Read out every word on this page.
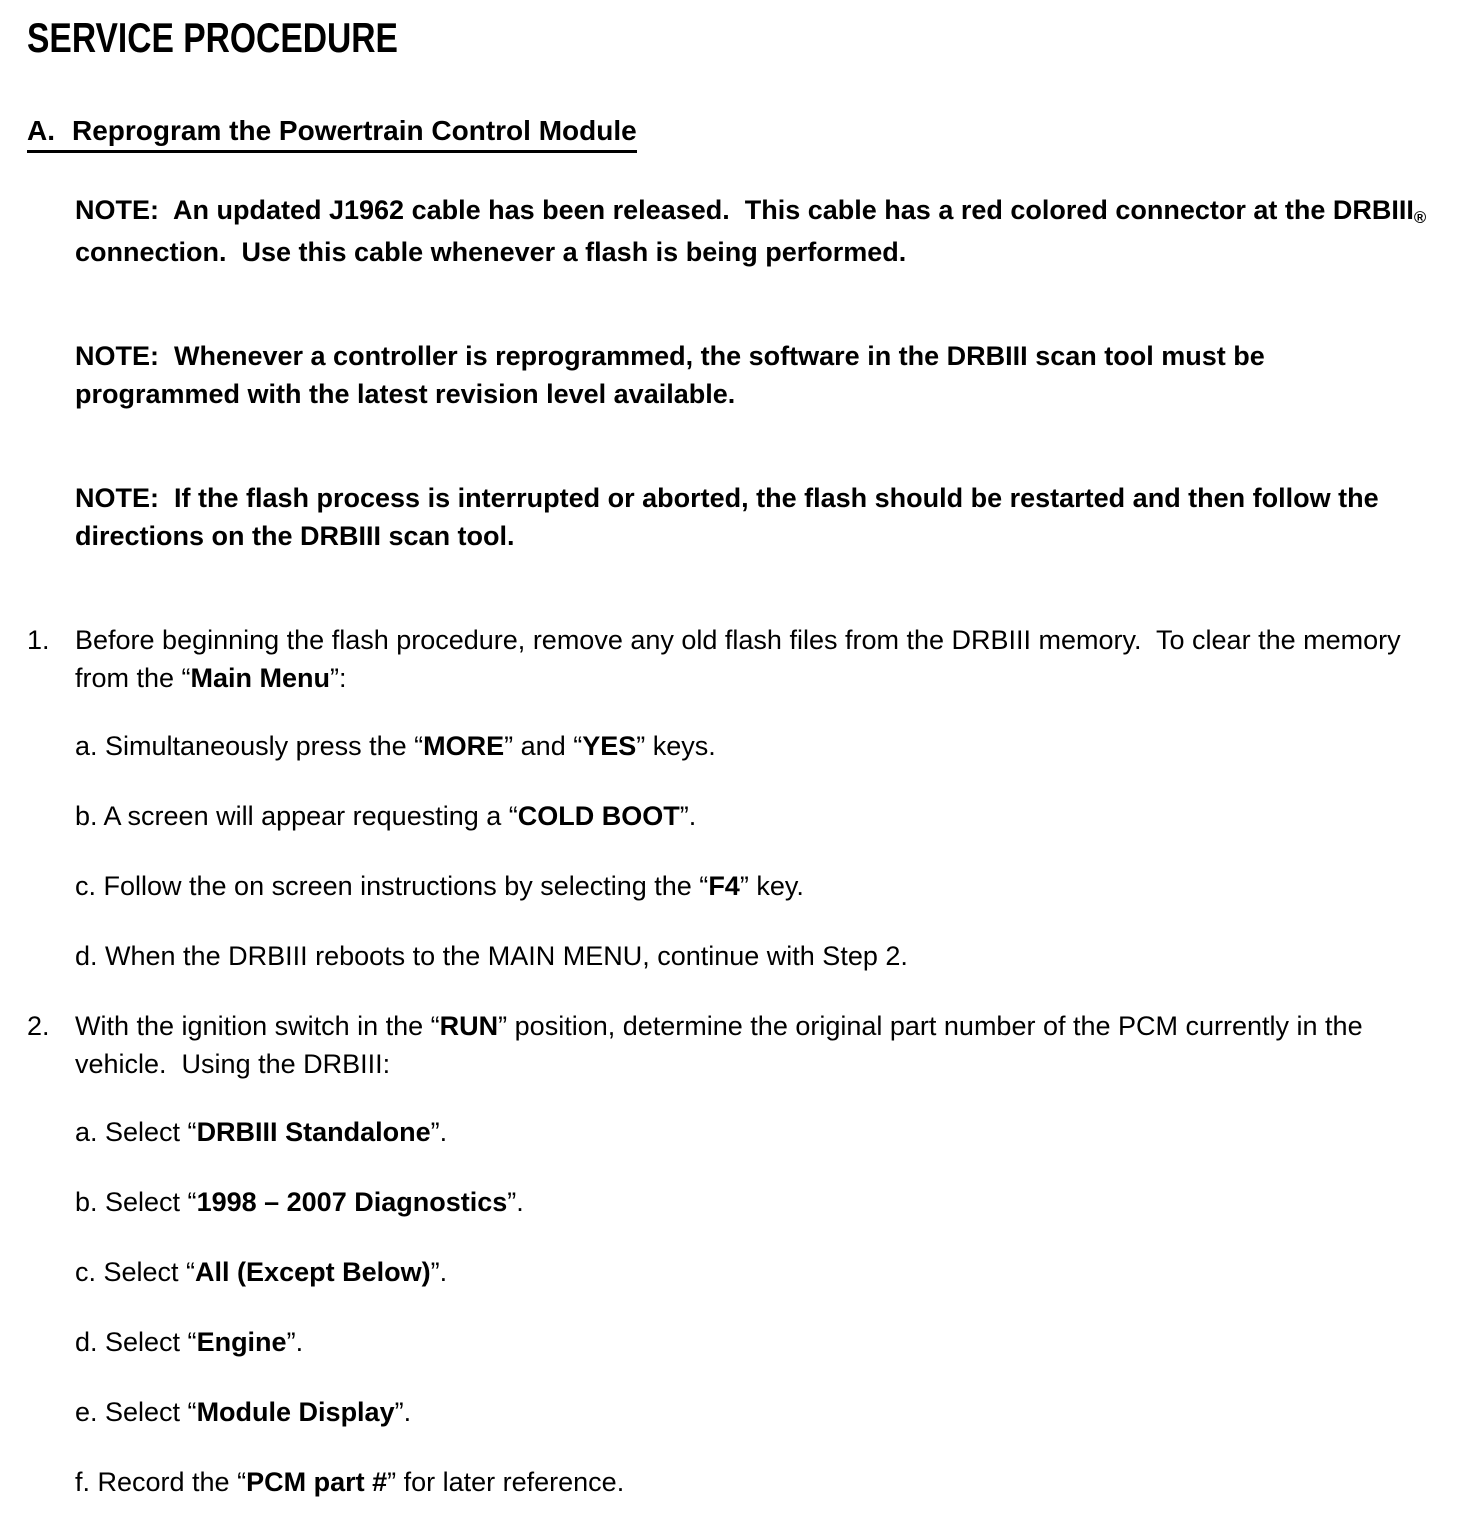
SERVICE PROCEDURE
A. Reprogram the Powertrain Control Module

NOTE:  An updated J1962 cable has been released.  This cable has a red colored connector at the $DRBIII_®$ connection.  Use this cable whenever a flash is being performed.

NOTE:  Whenever a controller is reprogrammed, the software in the DRBIII scan tool must be programmed with the latest revision level available.

NOTE:  If the flash process is interrupted or aborted, the flash should be restarted and then follow the directions on the DRBIII scan tool.

1. Before beginning the flash procedure, remove any old flash files from the DRBIII memory.  To clear the memory from the “Main Menu”:

a. Simultaneously press the “MORE” and “YES” keys.

b. A screen will appear requesting a “COLD BOOT”.

c. Follow the on screen instructions by selecting the “F4” key.

d. When the DRBIII reboots to the MAIN MENU, continue with Step 2.

2. With the ignition switch in the “RUN” position, determine the original part number of the PCM currently in the vehicle.  Using the DRBIII:

a. Select “DRBIII Standalone”.

b. Select “1998 – 2007 Diagnostics”.

c. Select “All (Except Below)”.

d. Select “Engine”.

e. Select “Module Display”.

f. Record the “PCM part #” for later reference.
